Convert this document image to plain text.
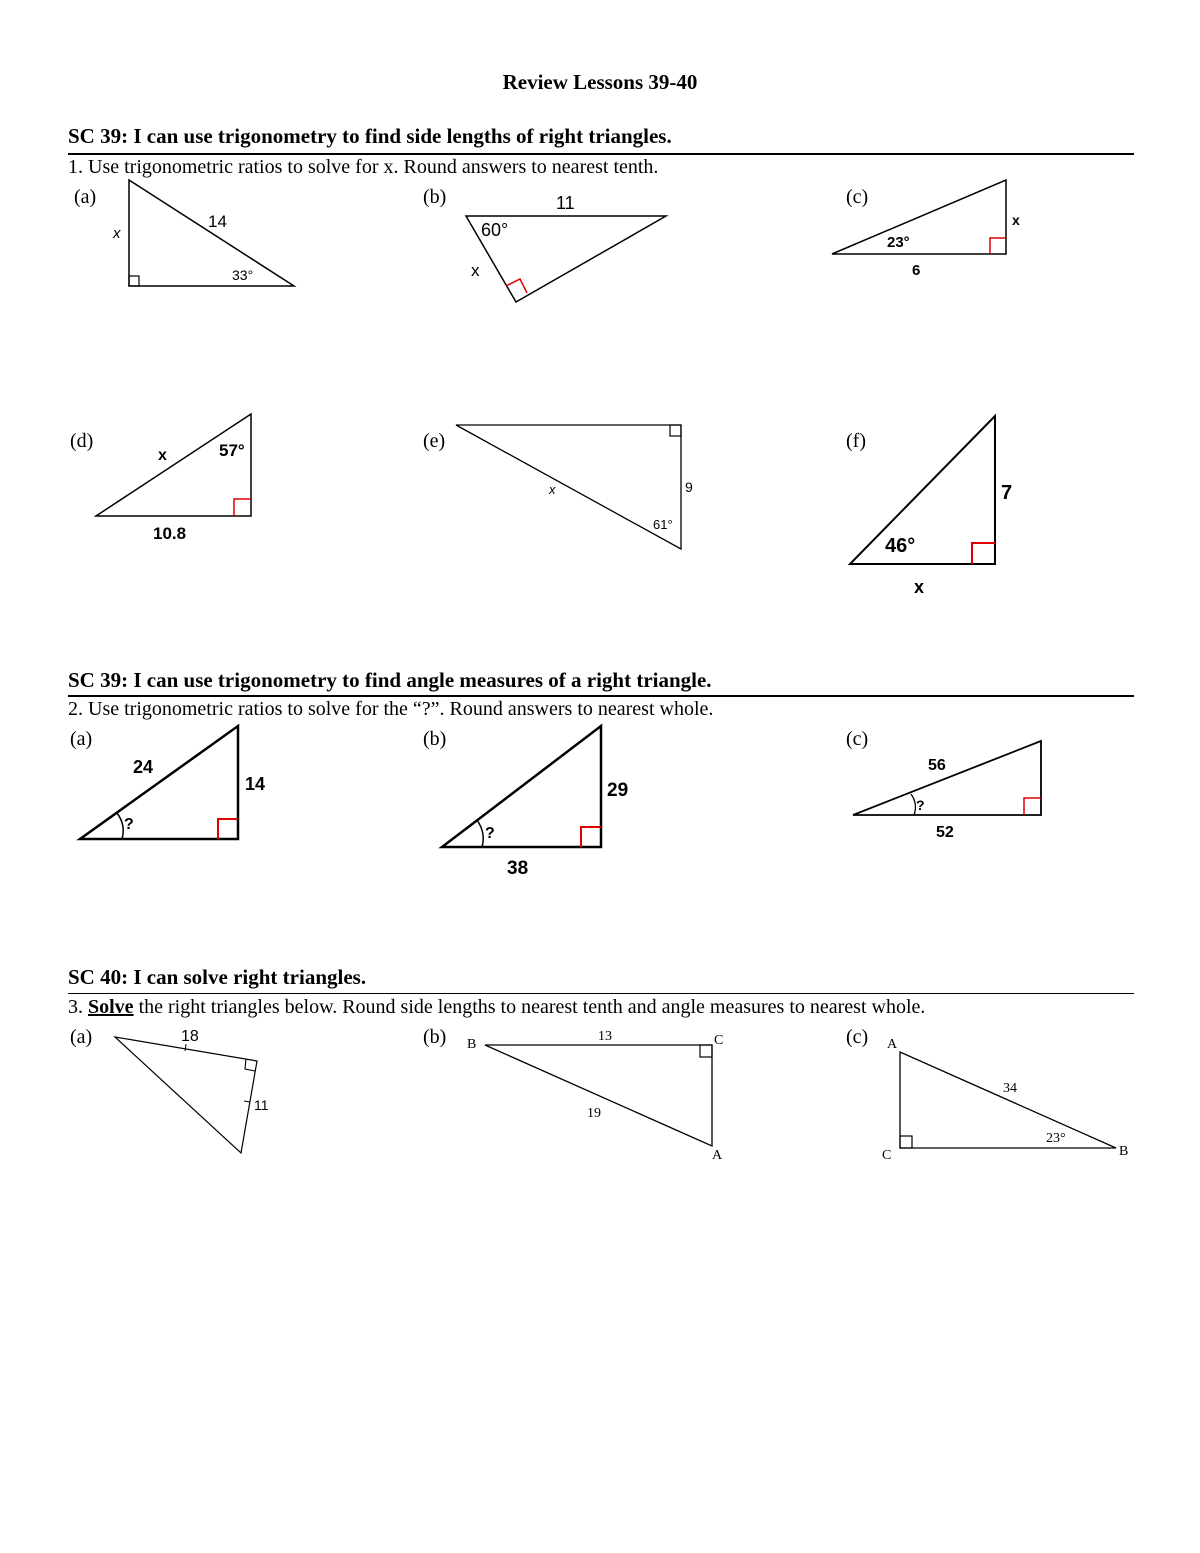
Review Lessons 39-40
SC 39: I can use trigonometry to find side lengths of right triangles.
1. Use trigonometric ratios to solve for x. Round answers to nearest tenth.
(a)	(b)	(c)
(d)	(e)	(f)
SC 39: I can use trigonometry to find angle measures of a right triangle.
2. Use trigonometric ratios to solve for the “?”. Round answers to nearest whole.
(a)	(b)	(c)
SC 40: I can solve right triangles.
3. Solve the right triangles below. Round side lengths to nearest tenth and angle measures to nearest whole.
(a)	(b)	(c)
x
14
33°
11
60°
x
x
23°
6
x	57°
10.8
x	9
61°
7
46°
x
24
14
?
29
38
?
56
52
?
18
11
B	C
A
13
19
A
C	B
34
23°
